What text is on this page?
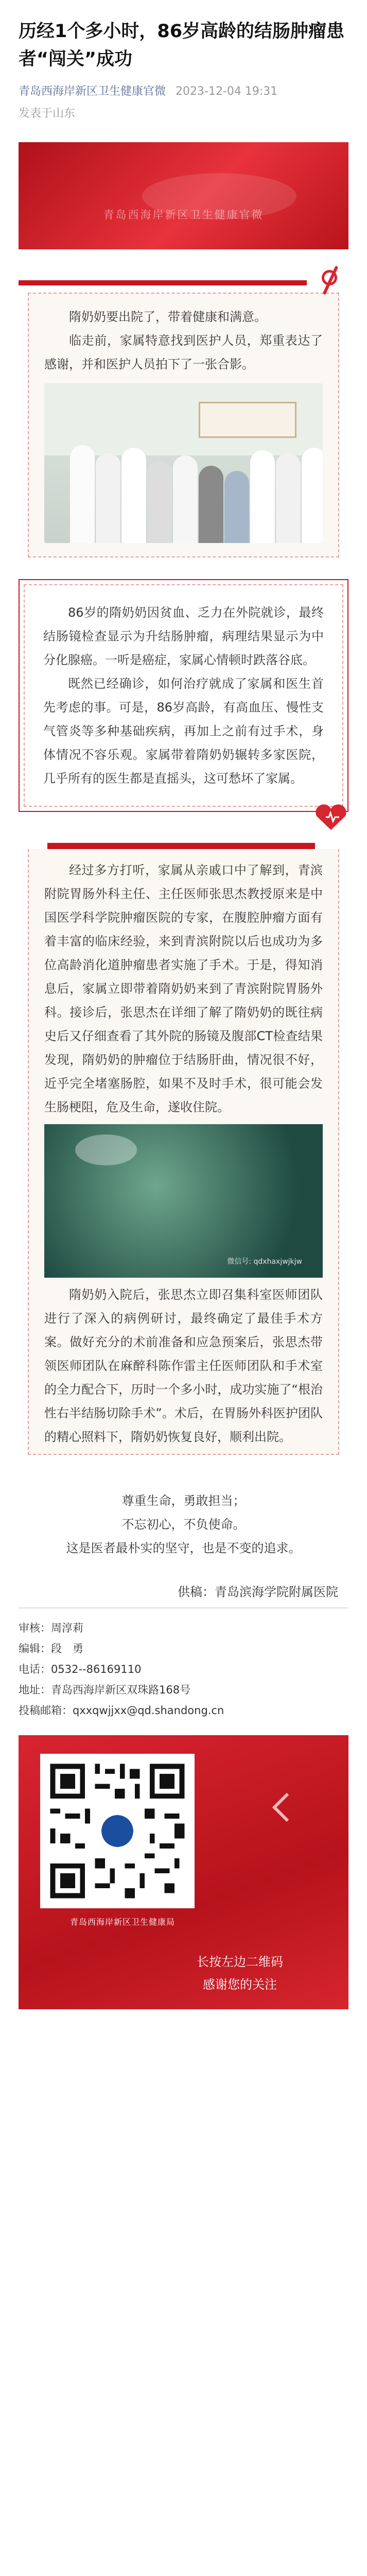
历经1个多小时，86岁高龄的结肠肿瘤患者“闯关”成功
青岛西海岸新区卫生健康官微 2023-12-04 19:31
发表于山东
青岛西海岸新区卫生健康官微

隋奶奶要出院了，带着健康和满意。

临走前，家属特意找到医护人员，郑重表达了感谢，并和医护人员拍下了一张合影。

86岁的隋奶奶因贫血、乏力在外院就诊，最终结肠镜检查显示为升结肠肿瘤，病理结果显示为中分化腺癌。一听是癌症，家属心情顿时跌落谷底。

既然已经确诊，如何治疗就成了家属和医生首先考虑的事。可是，86岁高龄，有高血压、慢性支气管炎等多种基础疾病，再加上之前有过手术，身体情况不容乐观。家属带着隋奶奶辗转多家医院，几乎所有的医生都是直摇头，这可愁坏了家属。

经过多方打听，家属从亲戚口中了解到，青滨附院胃肠外科主任、主任医师张思杰教授原来是中国医学科学院肿瘤医院的专家，在腹腔肿瘤方面有着丰富的临床经验，来到青滨附院以后也成功为多位高龄消化道肿瘤患者实施了手术。于是，得知消息后，家属立即带着隋奶奶来到了青滨附院胃肠外科。接诊后，张思杰在详细了解了隋奶奶的既往病史后又仔细查看了其外院的肠镜及腹部CT检查结果发现，隋奶奶的肿瘤位于结肠肝曲，情况很不好，近乎完全堵塞肠腔，如果不及时手术，很可能会发生肠梗阻，危及生命，遂收住院。

微信号: qdxhaxjwjkjw

隋奶奶入院后，张思杰立即召集科室医师团队进行了深入的病例研讨，最终确定了最佳手术方案。做好充分的术前准备和应急预案后，张思杰带领医师团队在麻醉科陈作雷主任医师团队和手术室的全力配合下，历时一个多小时，成功实施了“根治性右半结肠切除手术”。术后，在胃肠外科医护团队的精心照料下，隋奶奶恢复良好，顺利出院。

尊重生命，勇敢担当；

不忘初心，不负使命。

这是医者最朴实的坚守，也是不变的追求。

供稿：青岛滨海学院附属医院

审核：周淳莉
编辑：段　勇
电话：0532--86169110
地址：青岛西海岸新区双珠路168号
投稿邮箱：qxxqwjjxx@qd.shandong.cn
青岛西海岸新区卫生健康局
长按左边二维码
感谢您的关注
